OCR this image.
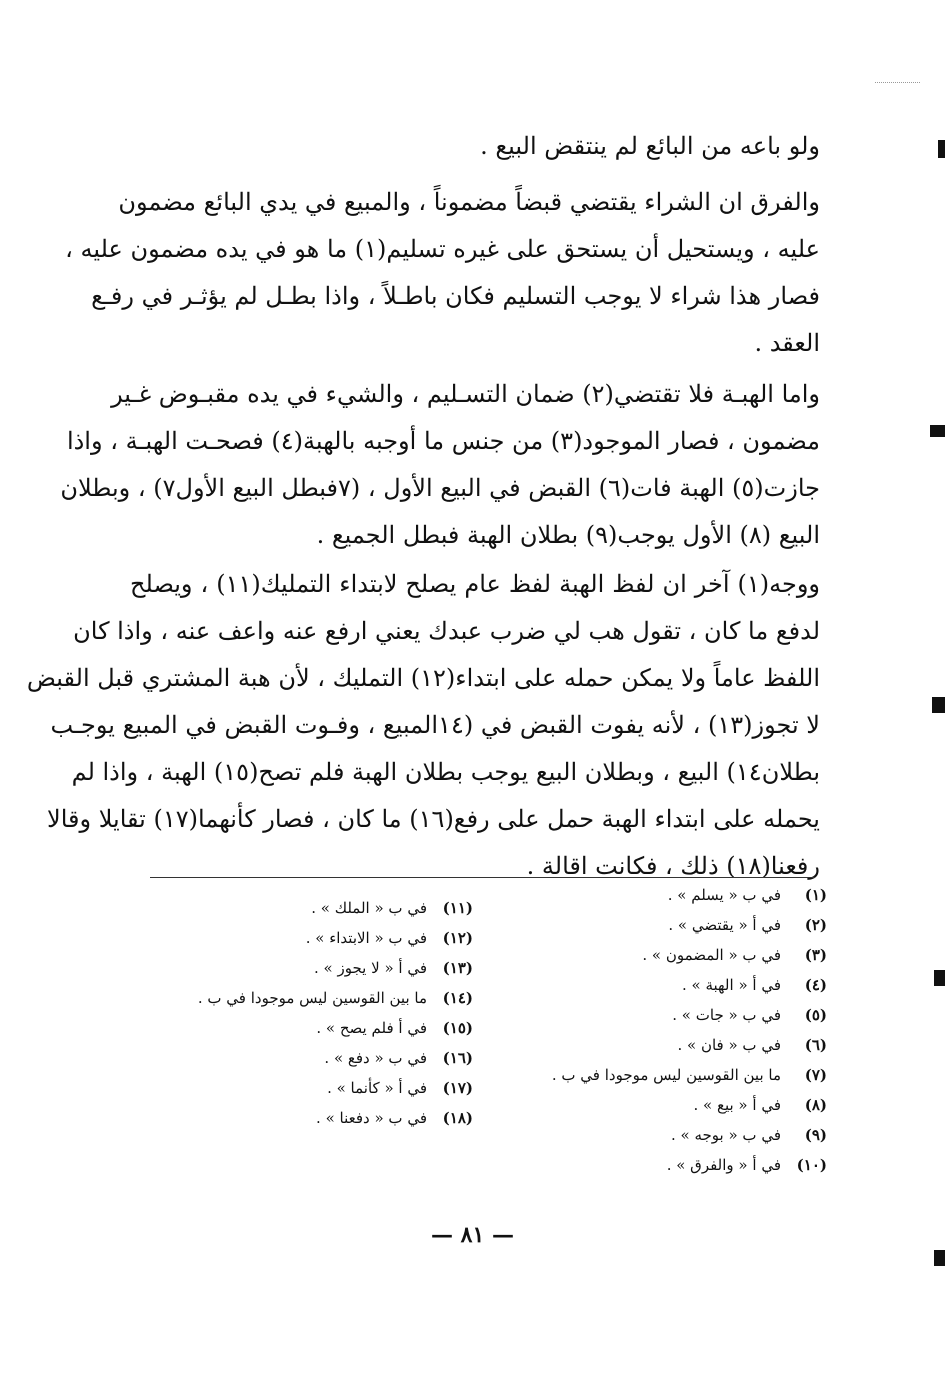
ولو باعه من البائع لم ينتقض البيع .
والفرق ان الشراء يقتضي قبضاً مضموناً ، والمبيع في يدي البائع مضمون
عليه ، ويستحيل أن يستحق على غيره تسليم(١) ما هو في يده مضمون عليه ،
فصار هذا شراء لا يوجب التسليم فكان باطـلاً ، واذا بطـل لم يؤثـر في رفـع
العقد .
واما الهبـة فلا تقتضي(٢) ضمان التسـليم ، والشيء في يده مقبـوض غـير
مضمون ، فصار الموجود(٣) من جنس ما أوجبه بالهبة(٤) فصحـت الهبـة ، واذا
جازت(٥) الهبة فات(٦) القبض في البيع الأول ، (٧فبطل البيع الأول٧) ، وبطلان
البيع (٨) الأول يوجب(٩) بطلان الهبة فبطل الجميع .
ووجه(١) آخر ان لفظ الهبة لفظ عام يصلح لابتداء التمليك(١١) ، ويصلح
لدفع ما كان ، تقول هب لي ضرب عبدك يعني ارفع عنه واعف عنه ، واذا كان
اللفظ عاماً ولا يمكن حمله على ابتداء(١٢) التمليك ، لأن هبة المشتري قبل القبض
لا تجوز(١٣) ، لأنه يفوت القبض في (١٤المبيع ، وفـوت القبض في المبيع يوجـب
بطلان١٤) البيع ، وبطلان البيع يوجب بطلان الهبة فلم تصح(١٥) الهبة ، واذا لم
يحمله على ابتداء الهبة حمل على رفع(١٦) ما كان ، فصار كأنهما(١٧) تقايلا وقالا
رفعنا(١٨) ذلك ، فكانت اقالة .
(١)في ب « يسلم » .
(٢)في أ « يقتضي » .
(٣)في ب « المضمون » .
(٤)في أ « الهبة » .
(٥)في ب « جات » .
(٦)في ب « فان » .
(٧)ما بين القوسين ليس موجودا في ب .
(٨)في أ « بيع » .
(٩)في ب « بوجه » .
(١٠)في أ « والفرق » .
(١١)في ب « الملك » .
(١٢)في ب « الابتداء » .
(١٣)في أ « لا يجوز » .
(١٤)ما بين القوسين ليس موجودا في ب .
(١٥)في أ فلم يصح » .
(١٦)في ب « دفع » .
(١٧)في أ « كأنما » .
(١٨)في ب « دفعنا » .
— ٨١ —
